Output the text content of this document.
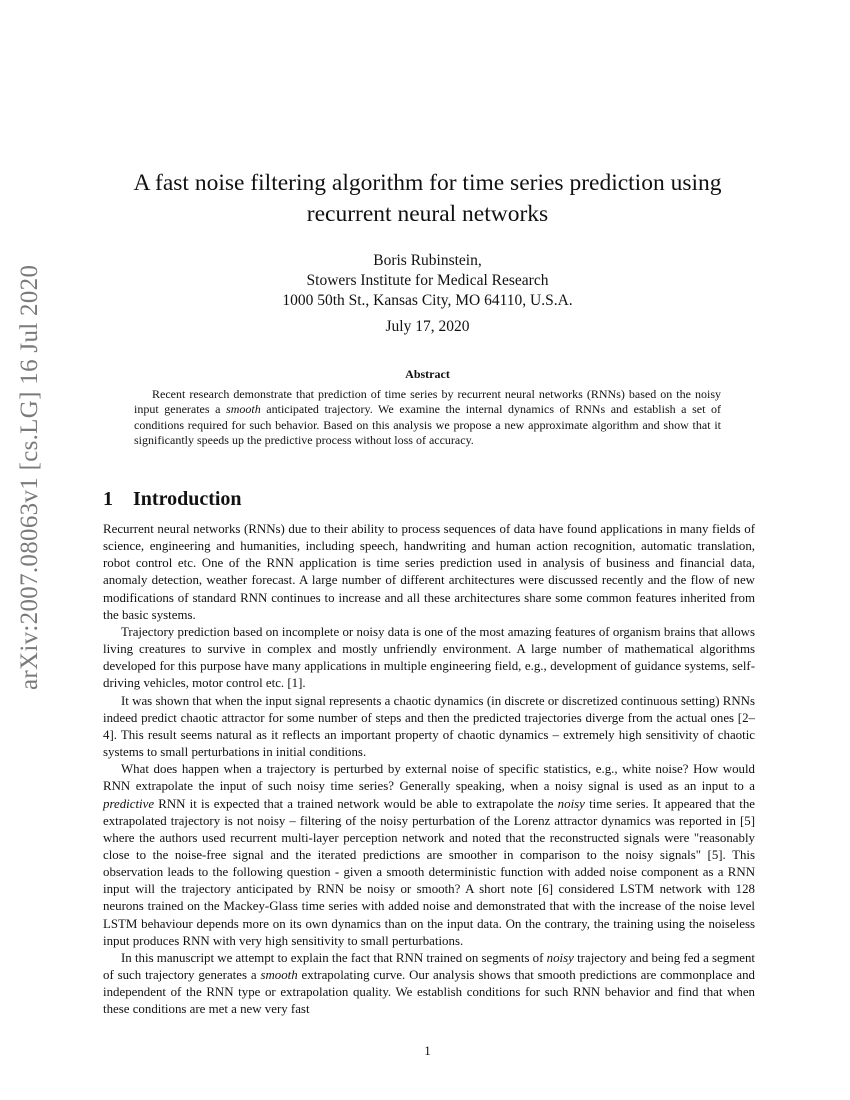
arXiv:2007.08063v1 [cs.LG] 16 Jul 2020
A fast noise filtering algorithm for time series prediction using
recurrent neural networks
Boris Rubinstein,
Stowers Institute for Medical Research
1000 50th St., Kansas City, MO 64110, U.S.A.
July 17, 2020
Abstract

Recent research demonstrate that prediction of time series by recurrent neural networks (RNNs) based on the noisy input generates a smooth anticipated trajectory. We examine the internal dynamics of RNNs and establish a set of conditions required for such behavior. Based on this analysis we propose a new approximate algorithm and show that it significantly speeds up the predictive process without loss of accuracy.

1 Introduction

Recurrent neural networks (RNNs) due to their ability to process sequences of data have found applications in many fields of science, engineering and humanities, including speech, handwriting and human action recognition, automatic translation, robot control etc. One of the RNN application is time series prediction used in analysis of business and financial data, anomaly detection, weather forecast. A large number of different architectures were discussed recently and the flow of new modifications of standard RNN continues to increase and all these architectures share some common features inherited from the basic systems.

Trajectory prediction based on incomplete or noisy data is one of the most amazing features of organism brains that allows living creatures to survive in complex and mostly unfriendly environment. A large number of mathematical algorithms developed for this purpose have many applications in multiple engineering field, e.g., development of guidance systems, self-driving vehicles, motor control etc. [1].

It was shown that when the input signal represents a chaotic dynamics (in discrete or discretized continuous setting) RNNs indeed predict chaotic attractor for some number of steps and then the predicted trajectories diverge from the actual ones [2–4]. This result seems natural as it reflects an important property of chaotic dynamics – extremely high sensitivity of chaotic systems to small perturbations in initial conditions.

What does happen when a trajectory is perturbed by external noise of specific statistics, e.g., white noise? How would RNN extrapolate the input of such noisy time series? Generally speaking, when a noisy signal is used as an input to a predictive RNN it is expected that a trained network would be able to extrapolate the noisy time series. It appeared that the extrapolated trajectory is not noisy – filtering of the noisy perturbation of the Lorenz attractor dynamics was reported in [5] where the authors used recurrent multi-layer perception network and noted that the reconstructed signals were "reasonably close to the noise-free signal and the iterated predictions are smoother in comparison to the noisy signals" [5]. This observation leads to the following question - given a smooth deterministic function with added noise component as a RNN input will the trajectory anticipated by RNN be noisy or smooth? A short note [6] considered LSTM network with 128 neurons trained on the Mackey-Glass time series with added noise and demonstrated that with the increase of the noise level LSTM behaviour depends more on its own dynamics than on the input data. On the contrary, the training using the noiseless input produces RNN with very high sensitivity to small perturbations.

In this manuscript we attempt to explain the fact that RNN trained on segments of noisy trajectory and being fed a segment of such trajectory generates a smooth extrapolating curve. Our analysis shows that smooth predictions are commonplace and independent of the RNN type or extrapolation quality. We establish conditions for such RNN behavior and find that when these conditions are met a new very fast

1
